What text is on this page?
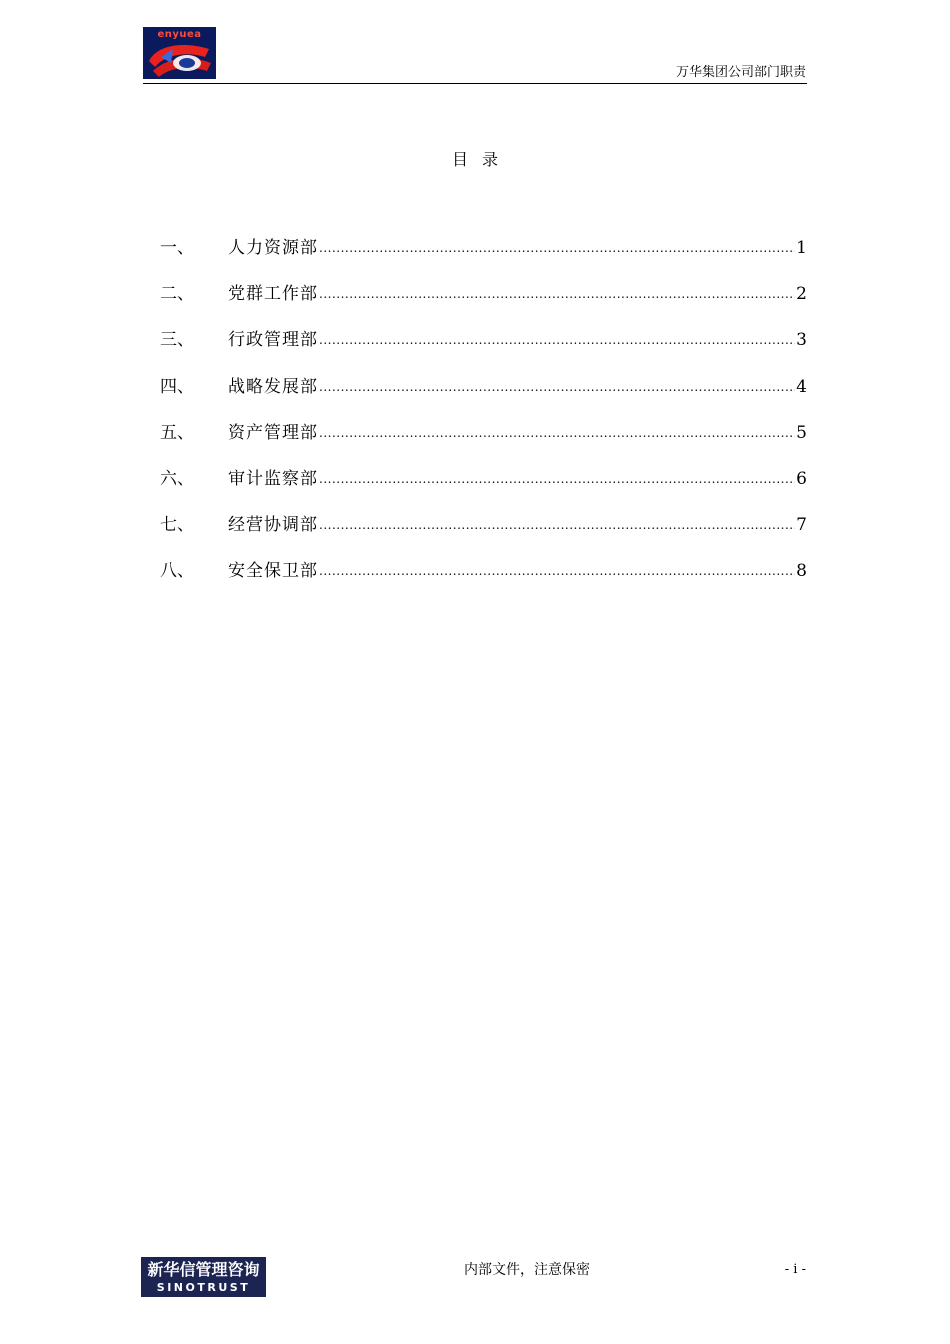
enyuea
万华集团公司部门职责
目录
一、	人力资源部 .....	1
二、	党群工作部 .....	2
三、	行政管理部 .....	3
四、	战略发展部 .....	4
五、	资产管理部 .....	5
六、	审计监察部 .....	6
七、	经营协调部 .....	7
八、	安全保卫部 .....	8
新华信管理咨询
SINOTRUST
内部文件，注意保密	- i -
